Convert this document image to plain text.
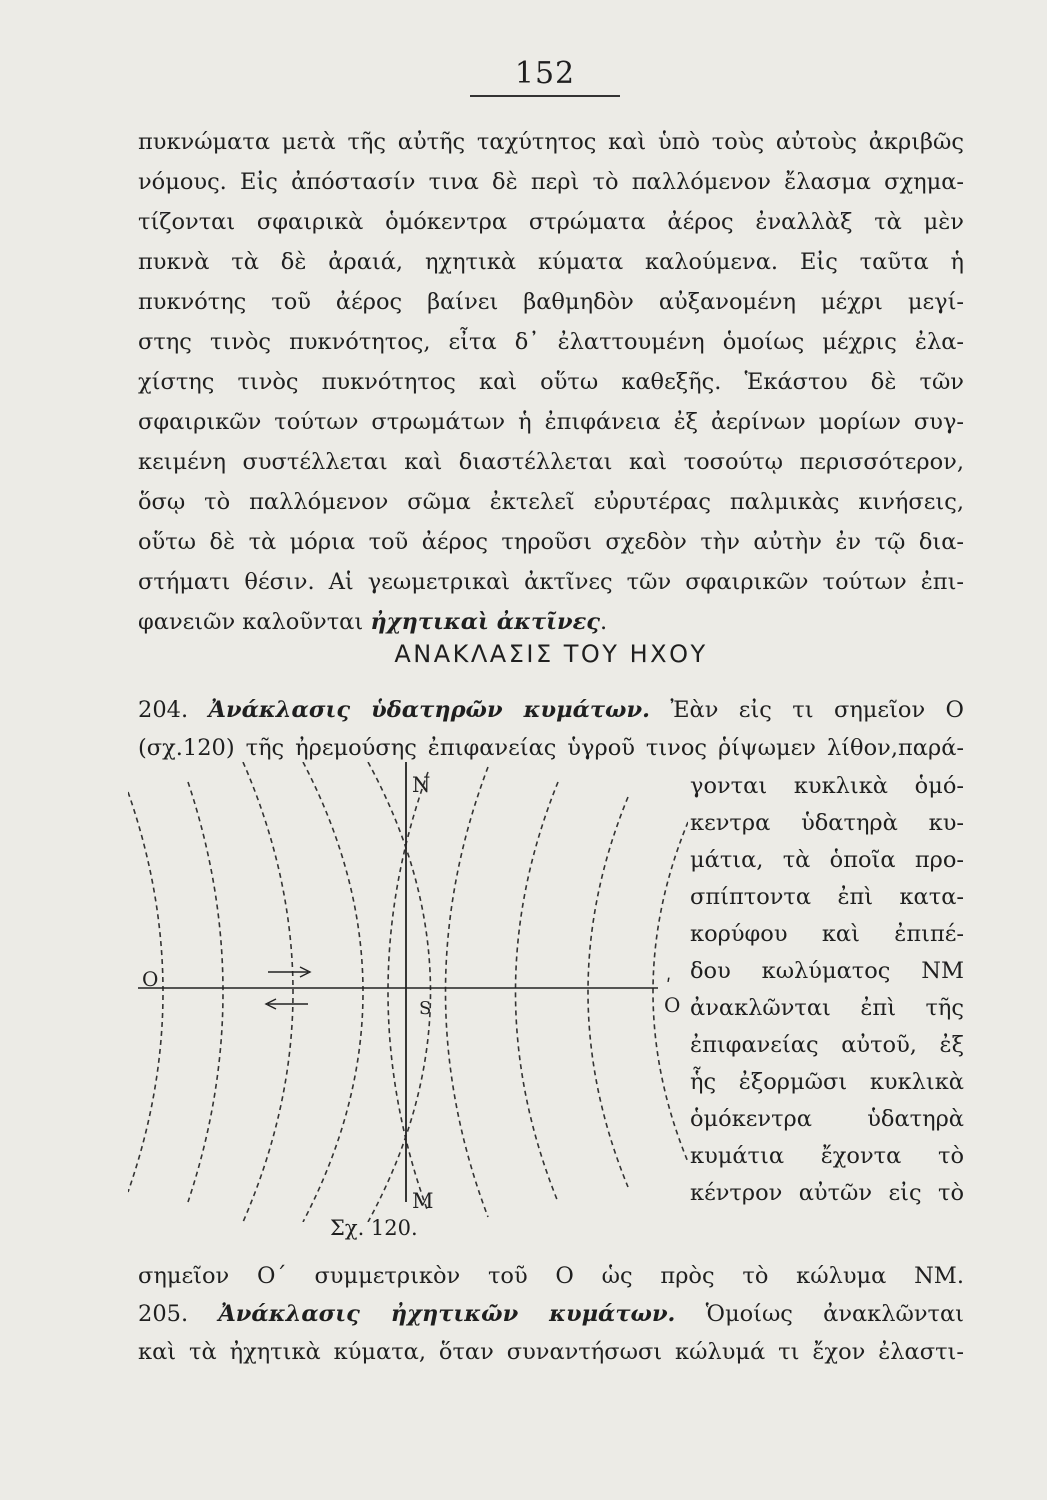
152
πυκνώματα μετὰ τῆς αὐτῆς ταχύτητος καὶ ὑπὸ τοὺς αὐτοὺς ἀκριβῶς
νόμους. Εἰς ἀπόστασίν τινα δὲ περὶ τὸ παλλόμενον ἔλασμα σχημα-
τίζονται σφαιρικὰ ὁμόκεντρα στρώματα ἀέρος ἐναλλὰξ τὰ μὲν
πυκνὰ τὰ δὲ ἀραιά, ηχητικὰ κύματα καλούμενα. Εἰς ταῦτα ἡ
πυκνότης τοῦ ἀέρος βαίνει βαθμηδὸν αὐξανομένη μέχρι μεγί-
στης τινὸς πυκνότητος, εἶτα δ᾽ ἐλαττουμένη ὁμοίως μέχρις ἐλα-
χίστης τινὸς πυκνότητος καὶ οὕτω καθεξῆς. Ἑκάστου δὲ τῶν
σφαιρικῶν τούτων στρωμάτων ἡ ἐπιφάνεια ἐξ ἀερίνων μορίων συγ-
κειμένη συστέλλεται καὶ διαστέλλεται καὶ τοσούτῳ περισσότερον,
ὅσῳ τὸ παλλόμενον σῶμα ἐκτελεῖ εὐρυτέρας παλμικὰς κινήσεις,
οὕτω δὲ τὰ μόρια τοῦ ἀέρος τηροῦσι σχεδὸν τὴν αὐτὴν ἐν τῷ δια-
στήματι θέσιν. Αἱ γεωμετρικαὶ ἀκτῖνες τῶν σφαιρικῶν τούτων ἐπι-
φανειῶν καλοῦνται ἠχητικαὶ ἀκτῖνες.
ΑΝΑΚΛΑΣΙΣ ΤΟΥ ΗΧΟΥ
204. Ἀνάκλασις ὑδατηρῶν κυμάτων. Ἐὰν εἰς τι σημεῖον Ο
(σχ.120) τῆς ἠρεμούσης ἐπιφανείας ὑγροῦ τινος ῥίψωμεν λίθον,παρά-
γονται κυκλικὰ ὁμό-
κεντρα ὑδατηρὰ κυ-
μάτια, τὰ ὁποῖα προ-
σπίπτοντα ἐπὶ κατα-
κορύφου καὶ ἐπιπέ-
δου κωλύματος ΝΜ
ἀνακλῶνται ἐπὶ τῆς
ἐπιφανείας αὐτοῦ, ἐξ
ἧς ἐξορμῶσι κυκλικὰ
ὁμόκεντρα ὑδατηρὰ
κυμάτια ἔχοντα τὸ
κέντρον αὐτῶν εἰς τὸ
N
M
O
O
ʹ
S
Σχ. 120.
σημεῖον Ο΄ συμμετρικὸν τοῦ Ο ὡς πρὸς τὸ κώλυμα ΝΜ.
205. Ἀνάκλασις ἠχητικῶν κυμάτων. Ὁμοίως ἀνακλῶνται
καὶ τὰ ἠχητικὰ κύματα, ὅταν συναντήσωσι κώλυμά τι ἔχον ἐλαστι-
